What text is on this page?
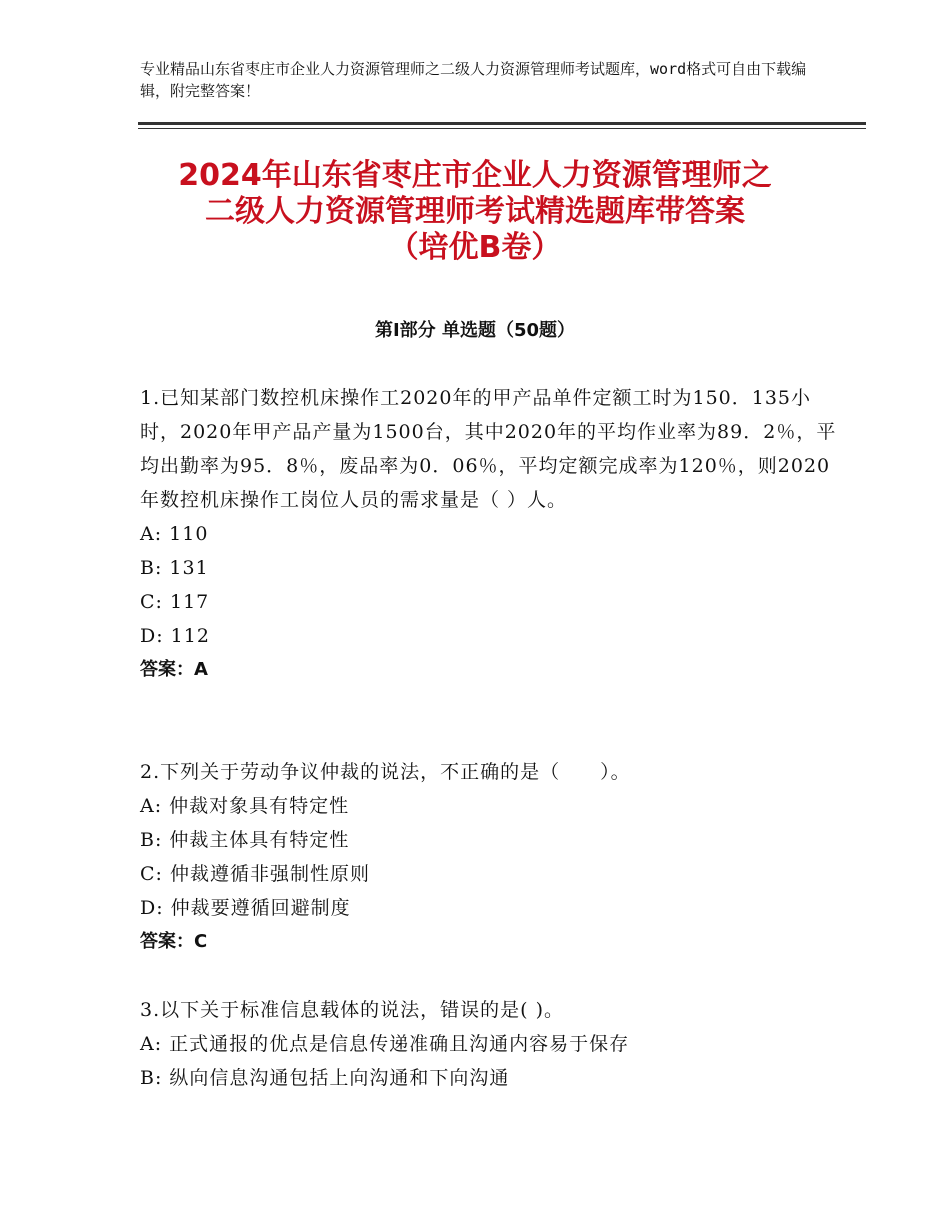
专业精品山东省枣庄市企业人力资源管理师之二级人力资源管理师考试题库，word格式可自由下载编辑，附完整答案！
2024年山东省枣庄市企业人力资源管理师之
二级人力资源管理师考试精选题库带答案
（培优B卷）
第Ⅰ部分 单选题（50题）

1.已知某部门数控机床操作工2020年的甲产品单件定额工时为150．135小时，2020年甲产品产量为1500台，其中2020年的平均作业率为89．2％，平均出勤率为95．8％，废品率为0．06％，平均定额完成率为120％，则2020年数控机床操作工岗位人员的需求量是（ ）人。

A: 110

B: 131

C: 117

D: 112

答案：A

2.下列关于劳动争议仲裁的说法，不正确的是（　　）。

A: 仲裁对象具有特定性

B: 仲裁主体具有特定性

C: 仲裁遵循非强制性原则

D: 仲裁要遵循回避制度

答案：C

3.以下关于标准信息载体的说法，错误的是( )。

A: 正式通报的优点是信息传递准确且沟通内容易于保存

B: 纵向信息沟通包括上向沟通和下向沟通
